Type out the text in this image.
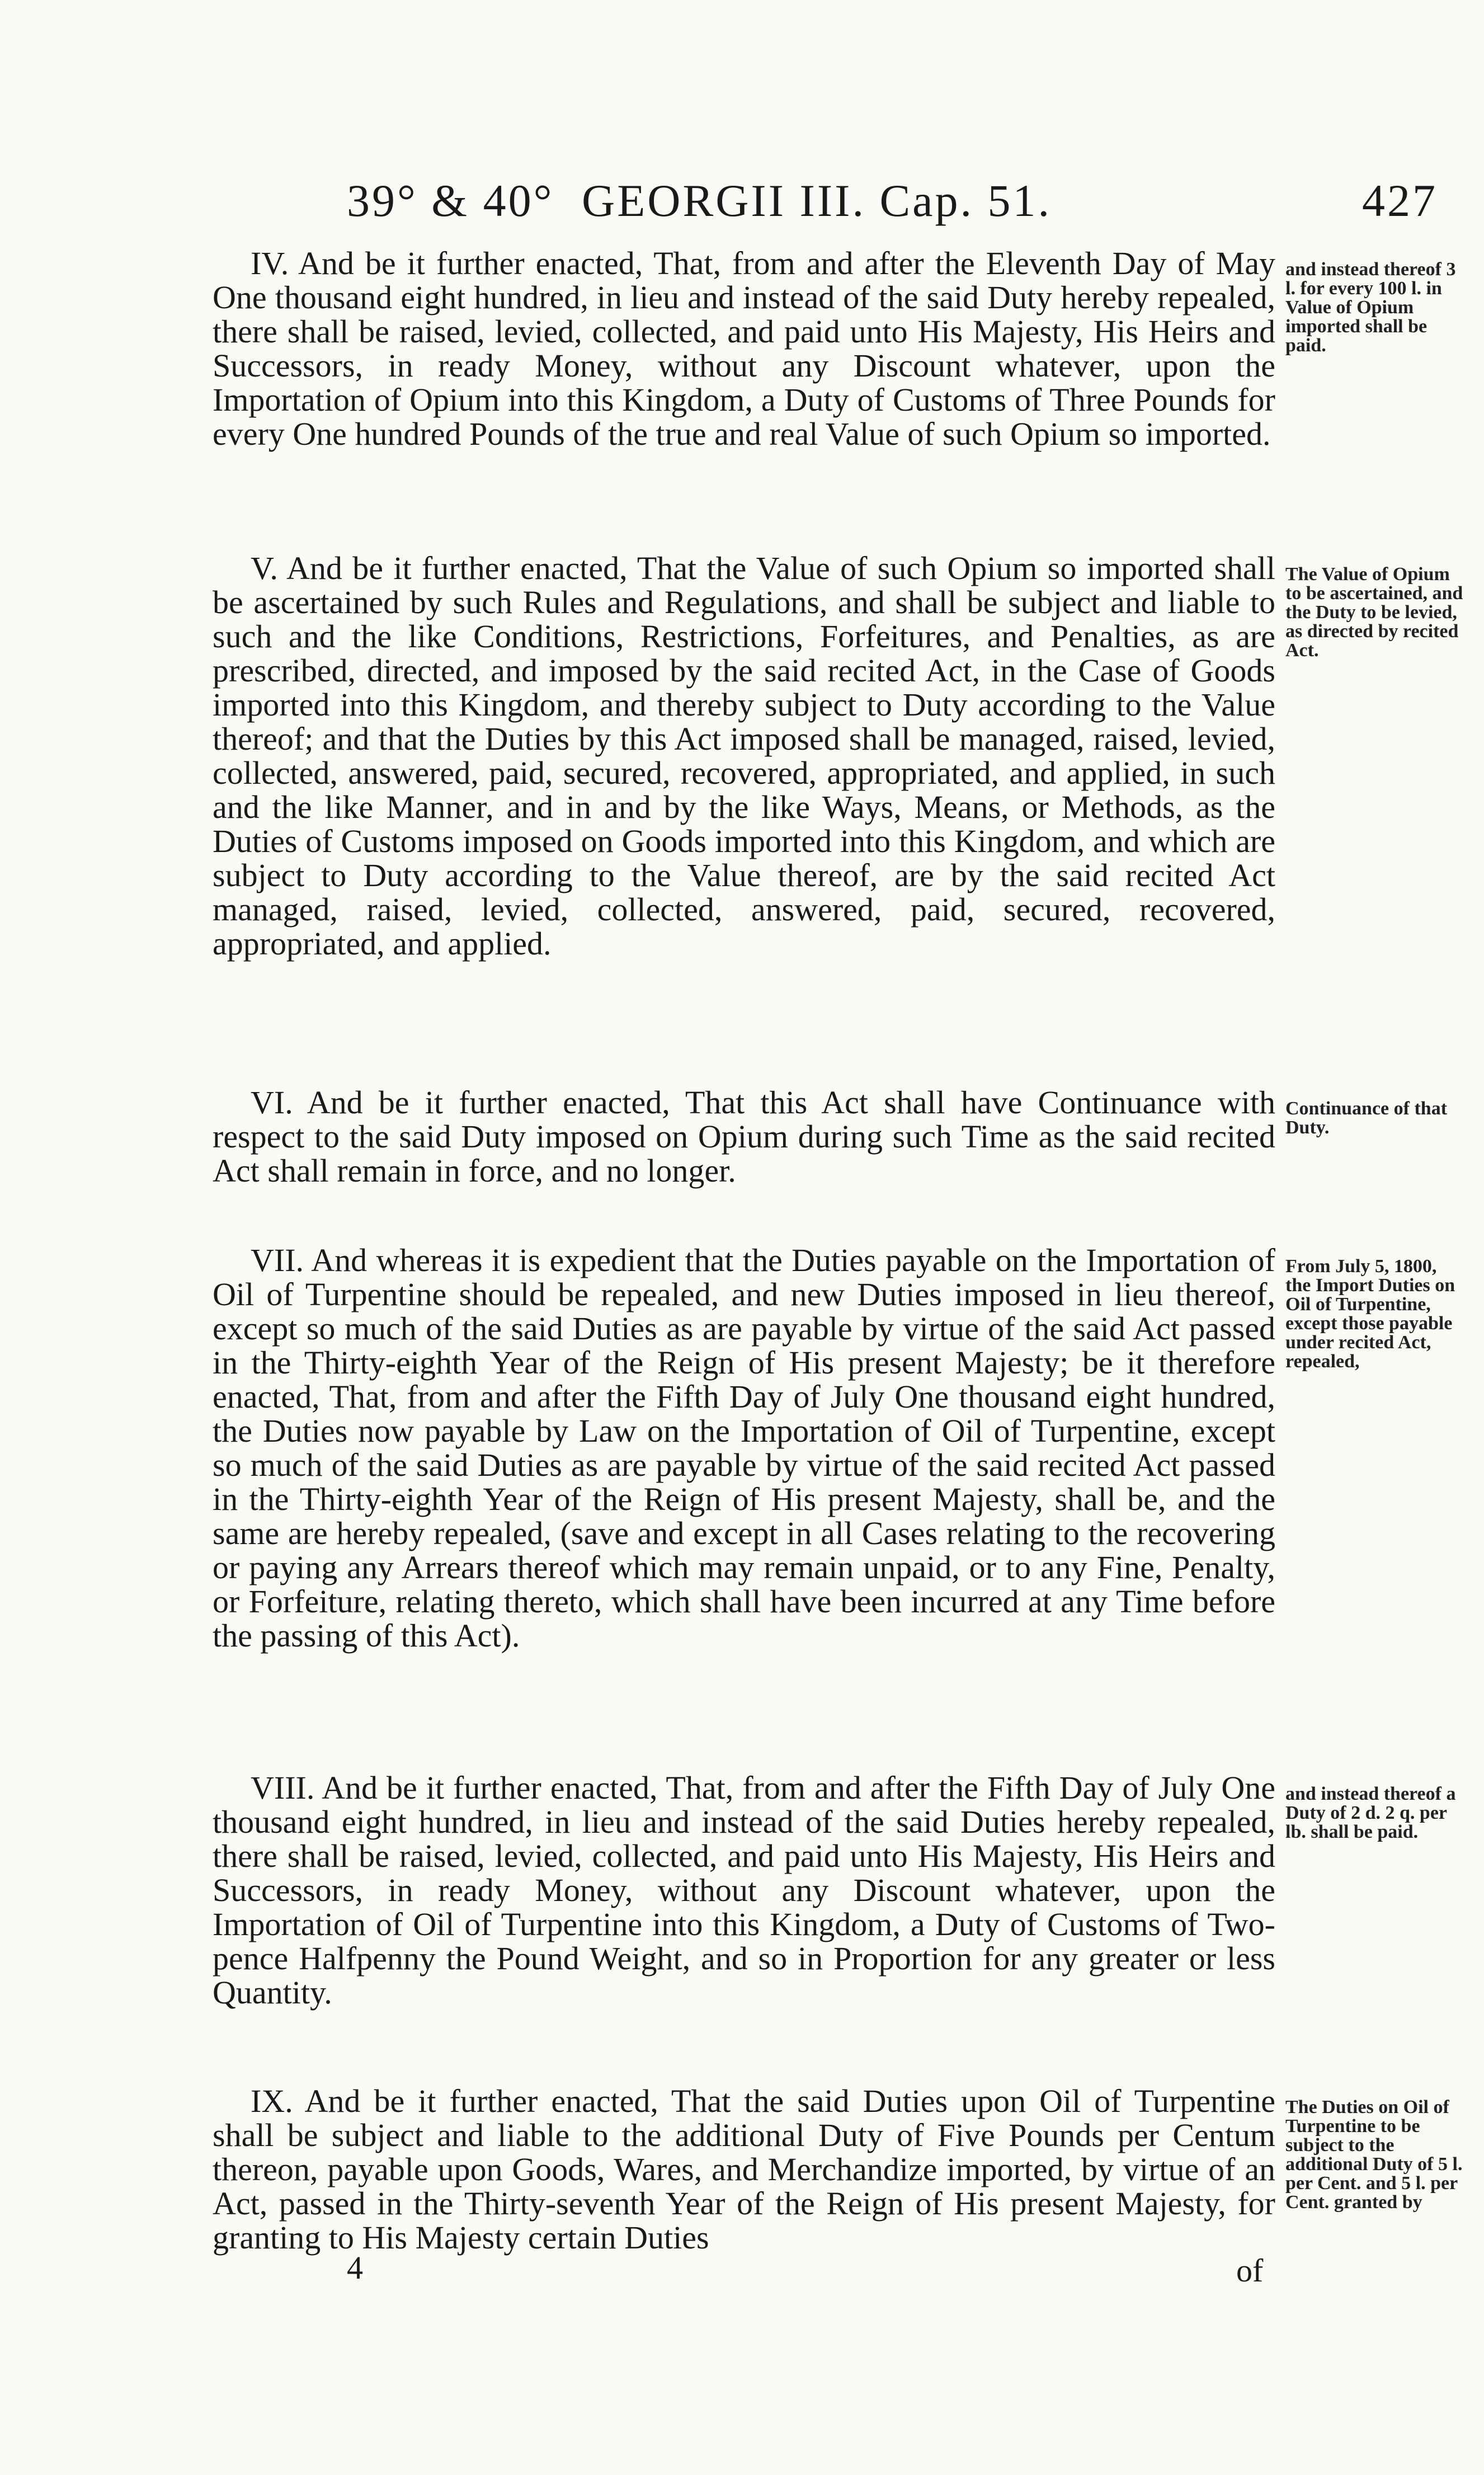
39° & 40° GEORGII III. Cap. 51.	427

IV. And be it further enacted, That, from and after the Eleventh Day of May One thousand eight hundred, in lieu and instead of the said Duty hereby repealed, there shall be raised, levied, collected, and paid unto His Majesty, His Heirs and Successors, in ready Money, without any Discount whatever, upon the Importation of Opium into this Kingdom, a Duty of Customs of Three Pounds for every One hundred Pounds of the true and real Value of such Opium so imported.

and instead thereof 3 l. for every 100 l. in Value of Opium imported shall be paid.

V. And be it further enacted, That the Value of such Opium so imported shall be ascertained by such Rules and Regulations, and shall be subject and liable to such and the like Conditions, Restrictions, Forfeitures, and Penalties, as are prescribed, directed, and imposed by the said recited Act, in the Case of Goods imported into this Kingdom, and thereby subject to Duty according to the Value thereof; and that the Duties by this Act imposed shall be managed, raised, levied, collected, answered, paid, secured, recovered, appropriated, and applied, in such and the like Manner, and in and by the like Ways, Means, or Methods, as the Duties of Customs imposed on Goods imported into this Kingdom, and which are subject to Duty according to the Value thereof, are by the said recited Act managed, raised, levied, collected, answered, paid, secured, recovered, appropriated, and applied.

The Value of Opium to be ascertained, and the Duty to be levied, as directed by recited Act.

VI. And be it further enacted, That this Act shall have Continuance with respect to the said Duty imposed on Opium during such Time as the said recited Act shall remain in force, and no longer.

Continuance of that Duty.

VII. And whereas it is expedient that the Duties payable on the Importation of Oil of Turpentine should be repealed, and new Duties imposed in lieu thereof, except so much of the said Duties as are payable by virtue of the said Act passed in the Thirty-eighth Year of the Reign of His present Majesty; be it therefore enacted, That, from and after the Fifth Day of July One thousand eight hundred, the Duties now payable by Law on the Importation of Oil of Turpentine, except so much of the said Duties as are payable by virtue of the said recited Act passed in the Thirty-eighth Year of the Reign of His present Majesty, shall be, and the same are hereby repealed, (save and except in all Cases relating to the recovering or paying any Arrears thereof which may remain unpaid, or to any Fine, Penalty, or Forfeiture, relating thereto, which shall have been incurred at any Time before the passing of this Act).

From July 5, 1800, the Import Duties on Oil of Turpentine, except those payable under recited Act, repealed,

VIII. And be it further enacted, That, from and after the Fifth Day of July One thousand eight hundred, in lieu and instead of the said Duties hereby repealed, there shall be raised, levied, collected, and paid unto His Majesty, His Heirs and Successors, in ready Money, without any Discount whatever, upon the Importation of Oil of Turpentine into this Kingdom, a Duty of Customs of Two-pence Halfpenny the Pound Weight, and so in Proportion for any greater or less Quantity.

and instead thereof a Duty of 2 d. 2 q. per lb. shall be paid.

IX. And be it further enacted, That the said Duties upon Oil of Turpentine shall be subject and liable to the additional Duty of Five Pounds per Centum thereon, payable upon Goods, Wares, and Merchandize imported, by virtue of an Act, passed in the Thirty-seventh Year of the Reign of His present Majesty, for granting to His Majesty certain Duties

The Duties on Oil of Turpentine to be subject to the additional Duty of 5 l. per Cent. and 5 l. per Cent. granted by
4	of
